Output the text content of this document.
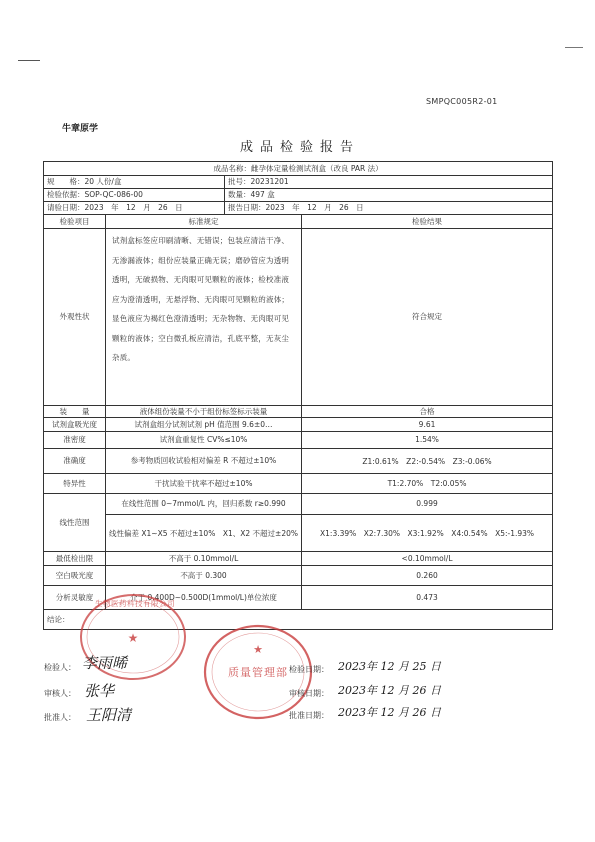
SMPQC005R2-01
牛章原学
成品检验报告
成品名称：雌孕体定量检测试剂盒（改良 PAR 法）			
规　　格：20 人份/盒		批号：20231201	
检验依据：SOP-QC-086-00		数量：497 盒	
请验日期：2023　年　12　月　26　日		报告日期：2023　年　12　月　26　日	
检验项目	标准规定		检验结果
外观性状	试剂盒标签应印刷清晰、无错误；包装应清洁干净、无渗漏液体；组份应装量正确无误；磨砂管应为透明透明，无破损物、无肉眼可见颗粒的液体；检校准液应为澄清透明，无悬浮物、无肉眼可见颗粒的液体；显色液应为褐红色澄清透明；无杂物物、无肉眼可见颗粒的液体；空白微孔板应清洁，孔底平整，无灰尘杂质。		符合规定
装　　量	液体组份装量不小于组份标签标示装量		合格
试剂盒吸光度	试剂盒组分试剂试剂 pH 值范围 9.6±0…		9.61
准密度	试剂盒重复性 CV%≤10%		1.54%
准确度	参考物质回收试验相对偏差 R 不超过±10%		Z1:0.61%　Z2:-0.54%　Z3:-0.06%
特异性	干扰试验干扰率不超过±10%		T1:2.70%　T2:0.05%
线性范围	在线性范围 0~7mmol/L 内，回归系数 r≥0.990		0.999
	线性偏差 X1~X5 不超过±10%　X1、X2 不超过±20%		X1:3.39%　X2:7.30%　X3:1.92%　X4:0.54%　X5:-1.93%
最低检出限	不高于 0.10mmol/L		<0.10mmol/L
空白吸光度	不高于 0.300		0.260
分析灵敏度	介于 0.400D~0.500D(1mmol/L)单位浓度		0.473
结论：			
★
生物医药科技有限公司
★
质量管理部
检验人： 李雨晞
审核人： 张华
批准人： 王阳清
检验日期： 2023年 12 月 25 日
审核日期： 2023年 12 月 26 日
批准日期： 2023年 12 月 26 日
